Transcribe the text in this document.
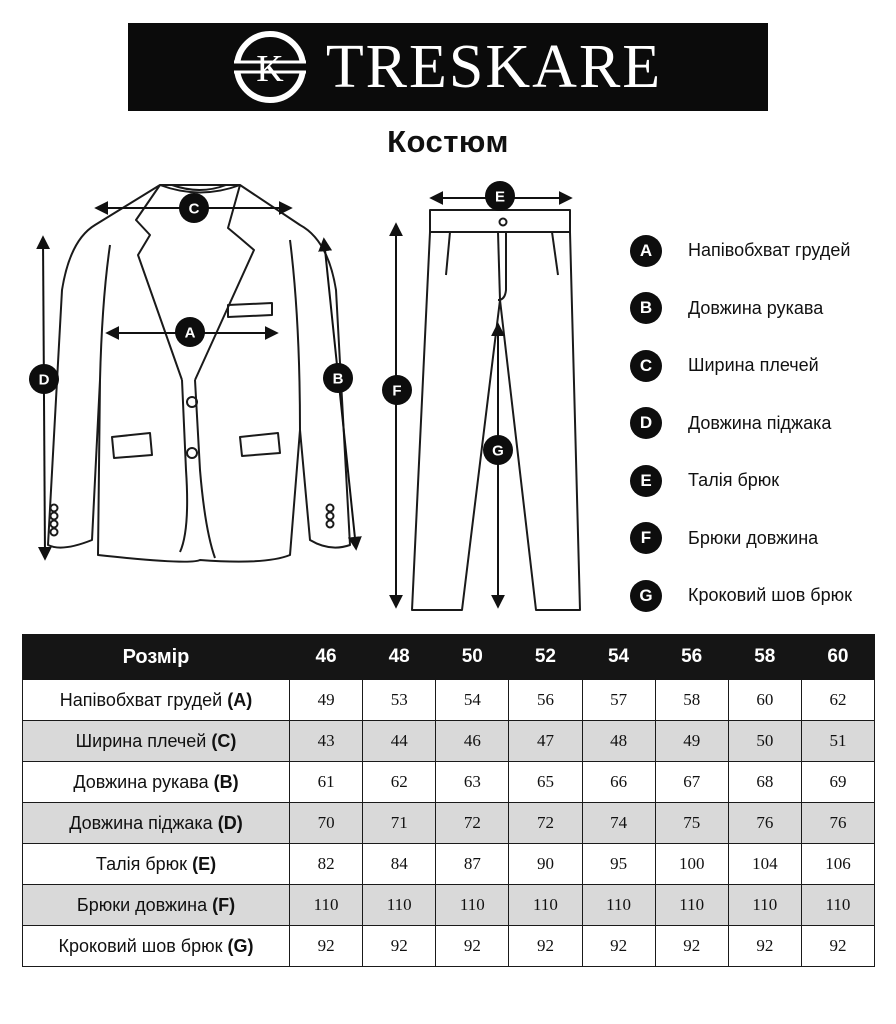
K TRESKARE
Костюм
C
A
D	B
E
F
G
A	Напівобхват грудей
B	Довжина рукава
C	Ширина плечей
D	Довжина піджака
E	Талія брюк
F	Брюки довжина
G	Кроковий шов брюк
Розмір	46	48	50	52	54	56	58	60
Напівобхват грудей (A)	49	53	54	56	57	58	60	62
Ширина плечей (C)	43	44	46	47	48	49	50	51
Довжина рукава (B)	61	62	63	65	66	67	68	69
Довжина піджака (D)	70	71	72	72	74	75	76	76
Талія брюк (E)	82	84	87	90	95	100	104	106
Брюки довжина (F)	110	110	110	110	110	110	110	110
Кроковий шов брюк (G)	92	92	92	92	92	92	92	92
